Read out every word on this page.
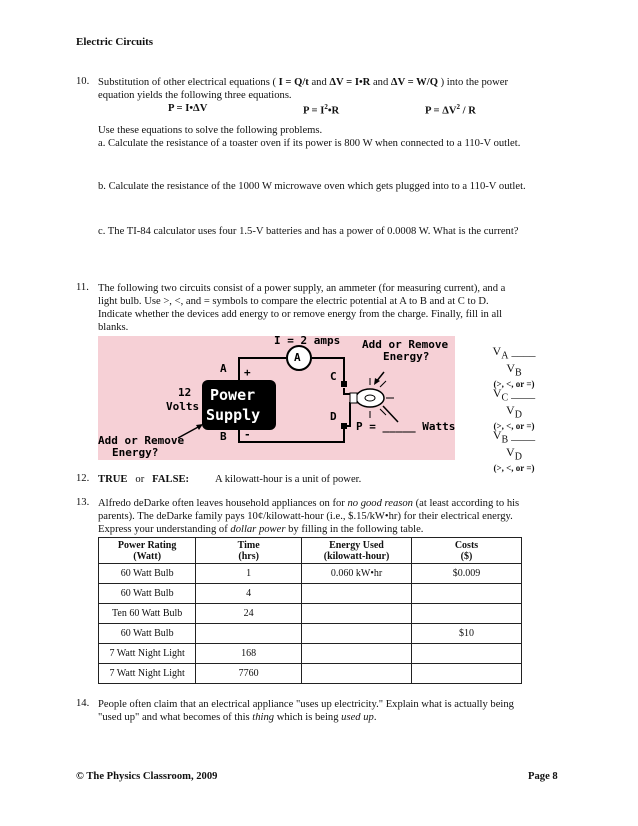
Electric Circuits
10. Substitution of other electrical equations ( I = Q/t and ΔV = I•R and ΔV = W/Q ) into the power
equation yields the following three equations.
P = I•ΔV	$P = I^2•R$	$P = \Delta V^2 / R$
Use these equations to solve the following problems.
a. Calculate the resistance of a toaster oven if its power is 800 W when connected to a 110-V outlet.
b. Calculate the resistance of the 1000 W microwave oven which gets plugged into to a 110-V outlet.
c. The TI-84 calculator uses four 1.5-V batteries and has a power of 0.0008 W. What is the current?
11. The following two circuits consist of a power supply, an ammeter (for measuring current), and a
light bulb. Use >, <, and = symbols to compare the electric potential at A to B and at C to D.
Indicate whether the devices add energy to or remove energy from the charge. Finally, fill in all
blanks.
Power
Supply
I = 2 amps
A
Add or Remove
Energy?
A +	C
D
B -
12
Volts
P = _____ Watts
Add or Remove
Energy?
$V_A$ ____ $V_B$
(>, <, or =)
$V_C$ ____ $V_D$
(>, <, or =)
$V_B$ ____ $V_D$
(>, <, or =)
12. TRUE or FALSE: A kilowatt-hour is a unit of power.
13. Alfredo deDarke often leaves household appliances on for no good reason (at least according to his
parents). The deDarke family pays 10¢/kilowatt-hour (i.e., $.15/kW•hr) for their electrical energy.
Express your understanding of dollar power by filling in the following table.
Power Rating
(Watt)	Time
(hrs)	Energy Used
(kilowatt-hour)	Costs
($)
60 Watt Bulb	1	0.060 kW•hr	$0.009
60 Watt Bulb	4		
Ten 60 Watt Bulb	24		
60 Watt Bulb			$10
7 Watt Night Light	168		
7 Watt Night Light	7760		
14. People often claim that an electrical appliance "uses up electricity." Explain what is actually being
"used up" and what becomes of this thing which is being used up.
© The Physics Classroom, 2009	Page 8
